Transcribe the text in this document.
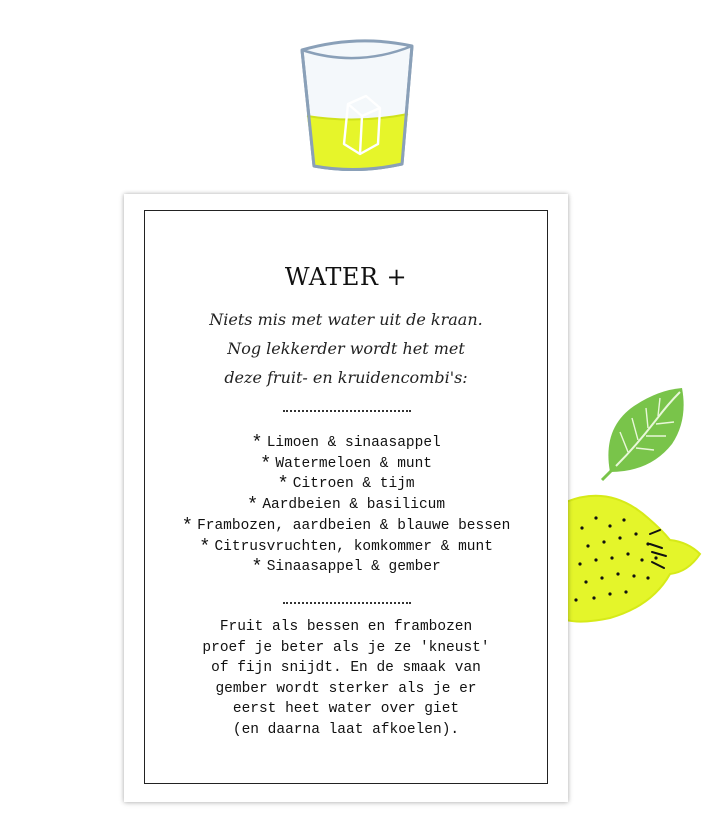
WATER +
Niets mis met water uit de kraan.
Nog lekkerder wordt het met
deze fruit- en kruidencombi's:
* Limoen & sinaasappel
* Watermeloen & munt
* Citroen & tijm
* Aardbeien & basilicum
* Frambozen, aardbeien & blauwe bessen
* Citrusvruchten, komkommer & munt
* Sinaasappel & gember
Fruit als bessen en frambozen
proef je beter als je ze 'kneust'
of fijn snijdt. En de smaak van
gember wordt sterker als je er
eerst heet water over giet
(en daarna laat afkoelen).
